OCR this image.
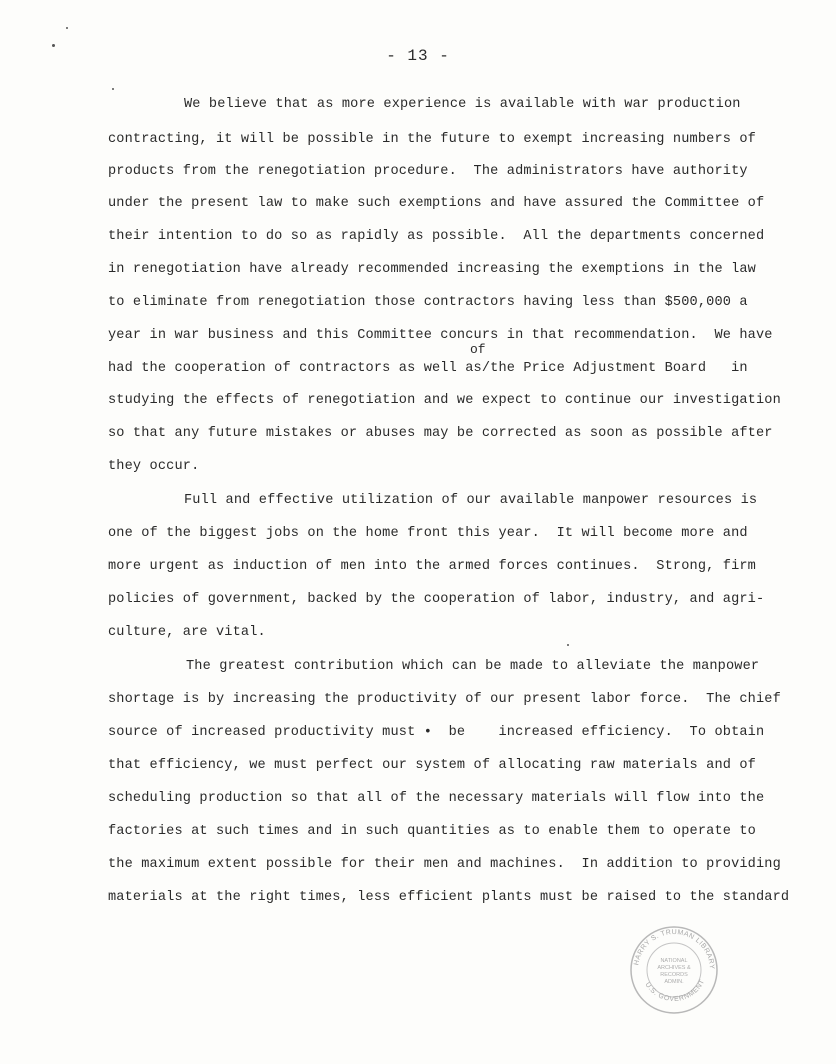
- 13 -
We believe that as more experience is available with war production
contracting, it will be possible in the future to exempt increasing numbers of
products from the renegotiation procedure.  The administrators have authority
under the present law to make such exemptions and have assured the Committee of
their intention to do so as rapidly as possible.  All the departments concerned
in renegotiation have already recommended increasing the exemptions in the law
to eliminate from renegotiation those contractors having less than $500,000 a
year in war business and this Committee concurs in that recommendation.  We have
of
had the cooperation of contractors as well as/the Price Adjustment Board   in
studying the effects of renegotiation and we expect to continue our investigation
so that any future mistakes or abuses may be corrected as soon as possible after
they occur.
Full and effective utilization of our available manpower resources is
one of the biggest jobs on the home front this year.  It will become more and
more urgent as induction of men into the armed forces continues.  Strong, firm
policies of government, backed by the cooperation of labor, industry, and agri-
culture, are vital.
The greatest contribution which can be made to alleviate the manpower
shortage is by increasing the productivity of our present labor force.  The chief
source of increased productivity must •  be    increased efficiency.  To obtain
that efficiency, we must perfect our system of allocating raw materials and of
scheduling production so that all of the necessary materials will flow into the
factories at such times and in such quantities as to enable them to operate to
the maximum extent possible for their men and machines.  In addition to providing
materials at the right times, less efficient plants must be raised to the standard
HARRY S. TRUMAN LIBRARY
U.S. GOVERNMENT
NATIONAL
ARCHIVES &
RECORDS
ADMIN.
